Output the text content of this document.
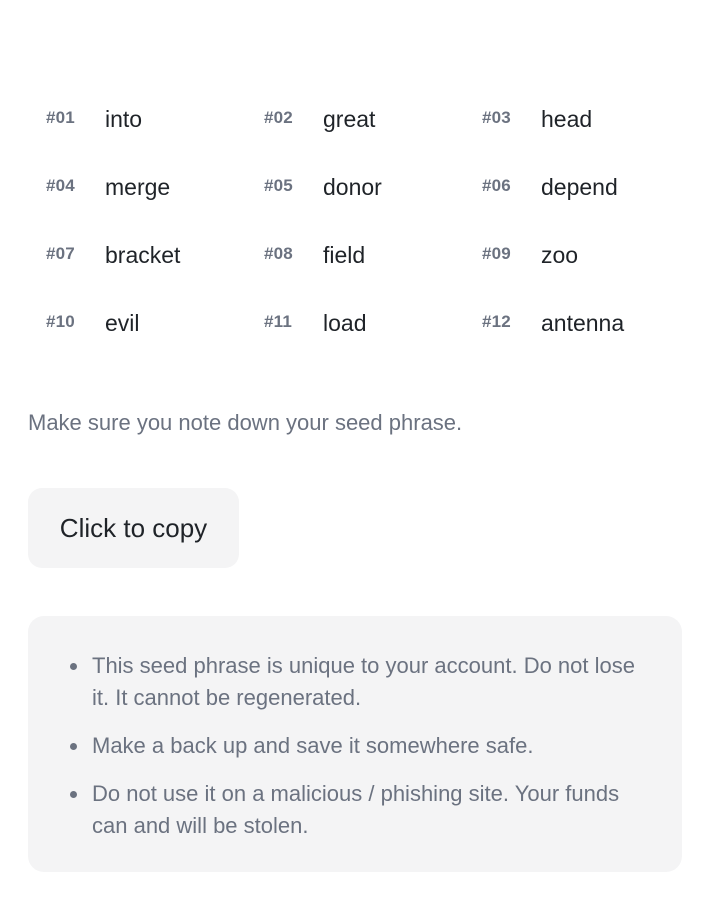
#01	into	#02	great	#03	head
#04	merge	#05	donor	#06	depend
#07	bracket	#08	field	#09	zoo
#10	evil	#11	load	#12	antenna
Make sure you note down your seed phrase.
Click to copy
This seed phrase is unique to your account. Do not lose it. It cannot be regenerated.
Make a back up and save it somewhere safe.
Do not use it on a malicious / phishing site. Your funds can and will be stolen.
